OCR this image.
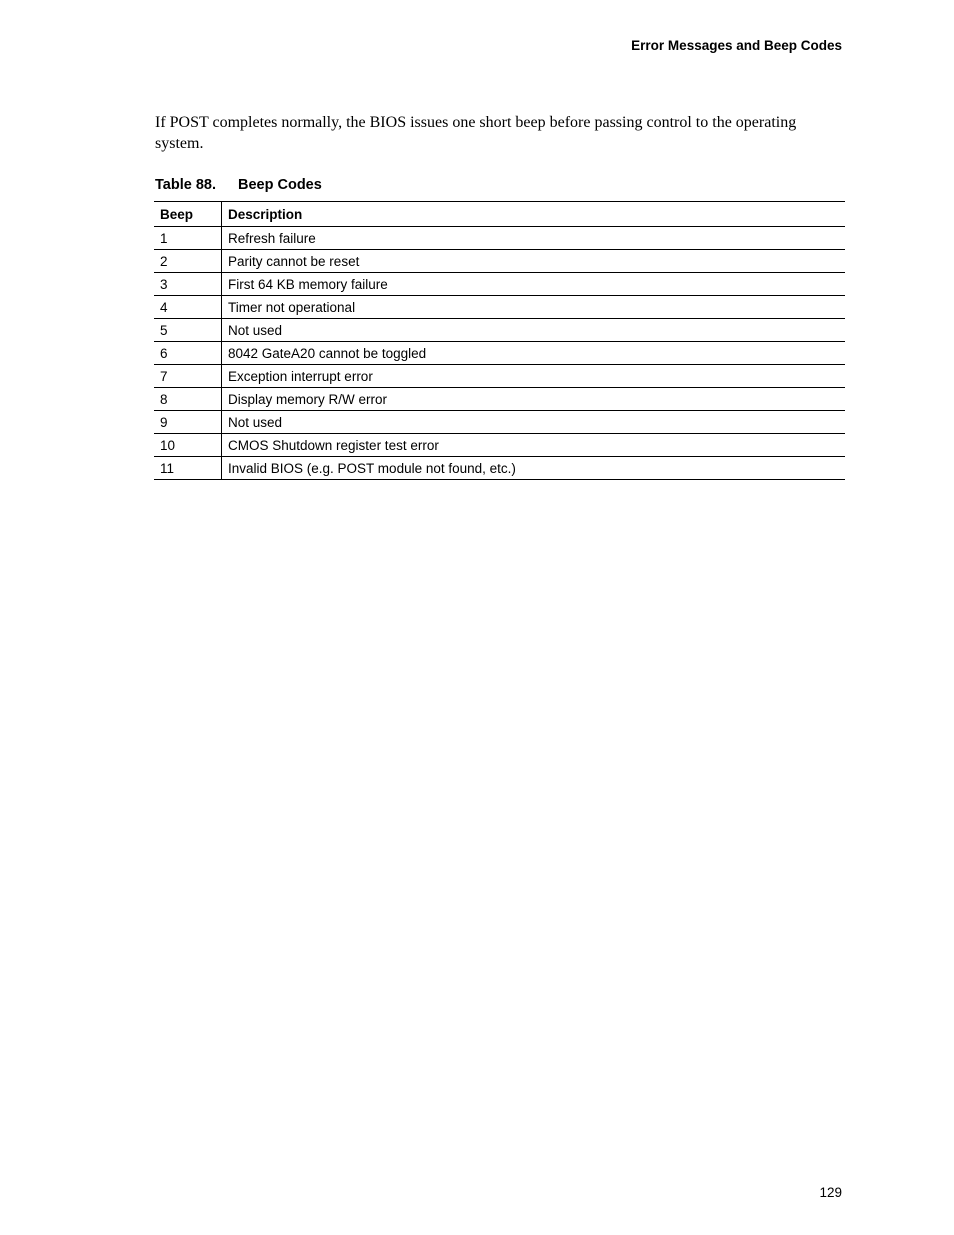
Error Messages and Beep Codes

If POST completes normally, the BIOS issues one short beep before passing control to the operating system.

Table 88. Beep Codes
Beep	Description
1	Refresh failure
2	Parity cannot be reset
3	First 64 KB memory failure
4	Timer not operational
5	Not used
6	8042 GateA20 cannot be toggled
7	Exception interrupt error
8	Display memory R/W error
9	Not used
10	CMOS Shutdown register test error
11	Invalid BIOS (e.g. POST module not found, etc.)
129
